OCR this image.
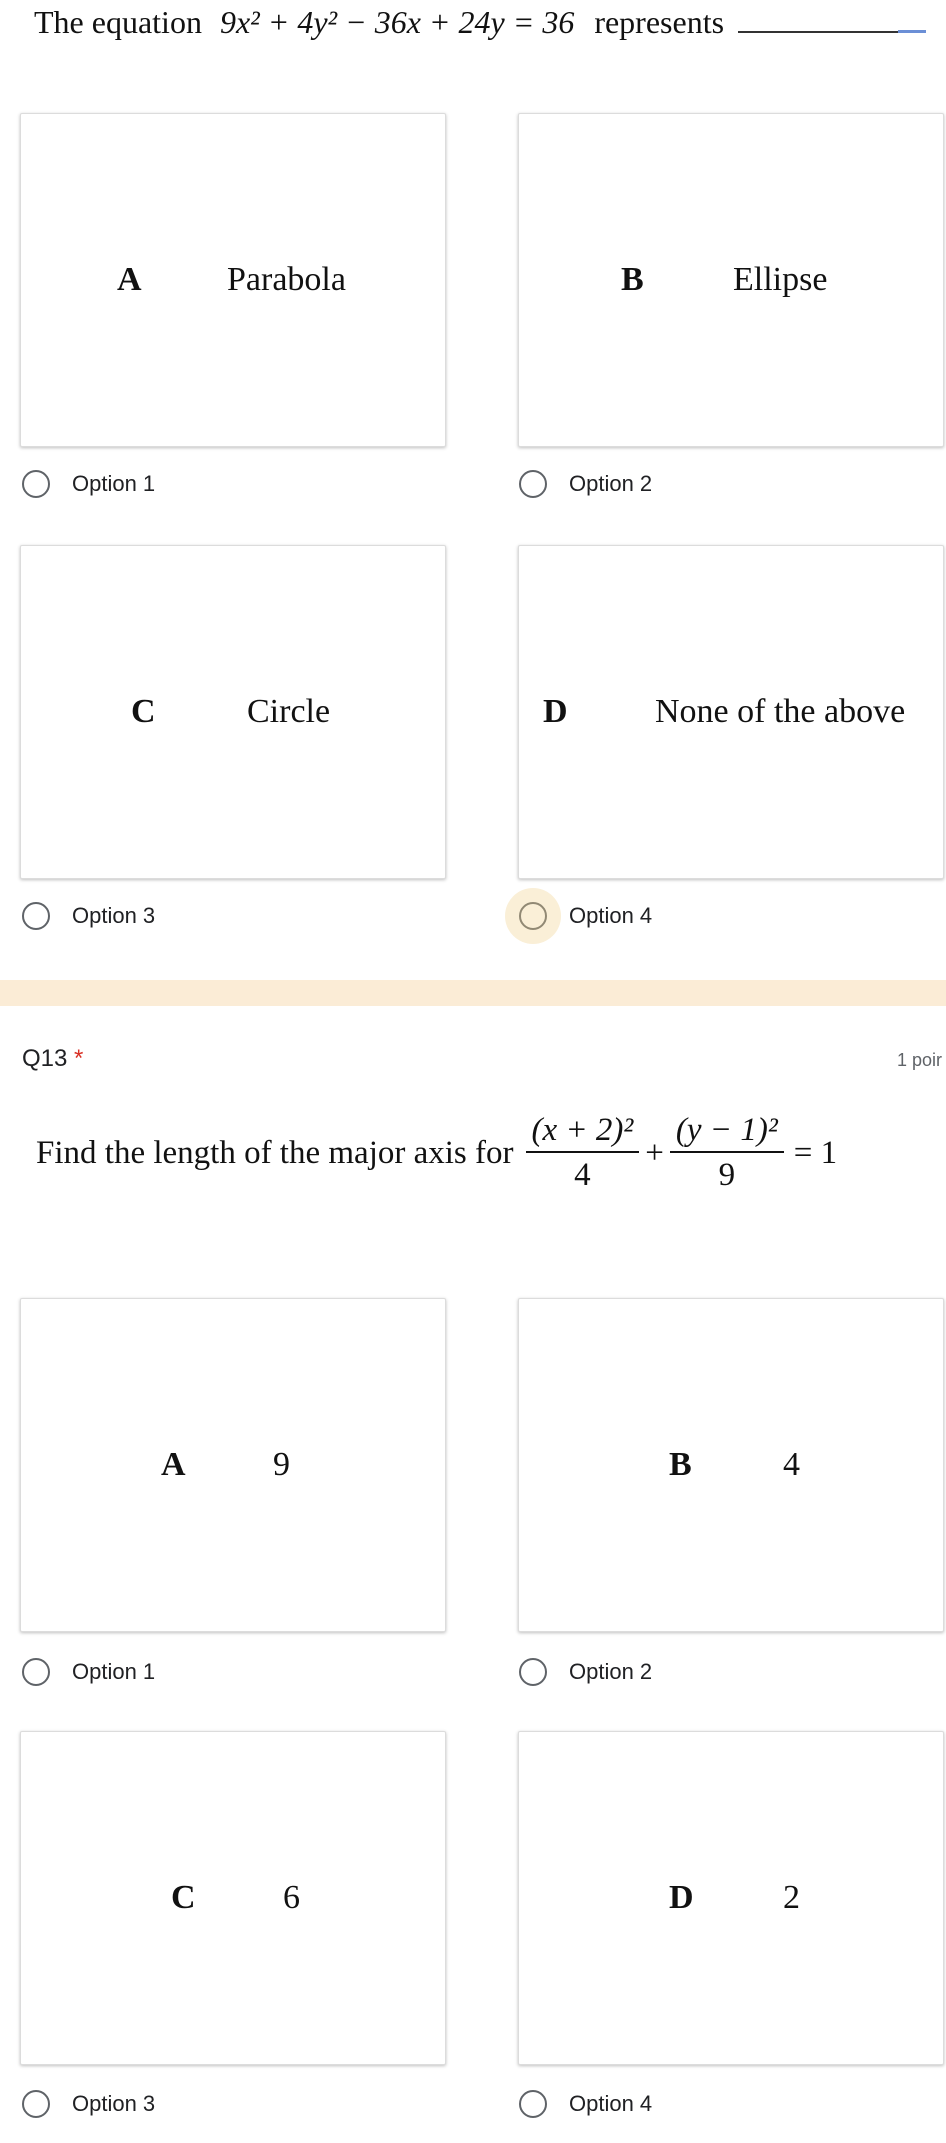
The equation 9x² + 4y² − 36x + 24y = 36 represents
A	Parabola	B	Ellipse
Option 1	Option 2
C	Circle	D	None of the above
Option 3	Option 4
Q13 *	1 poir
Find the length of the major axis for $\frac{\text{(x + 2)²}}{4} + \frac{\text{(y − 1)²}}{9} = 1$
A	9	B	4
Option 1	Option 2
C	6	D	2
Option 3	Option 4
